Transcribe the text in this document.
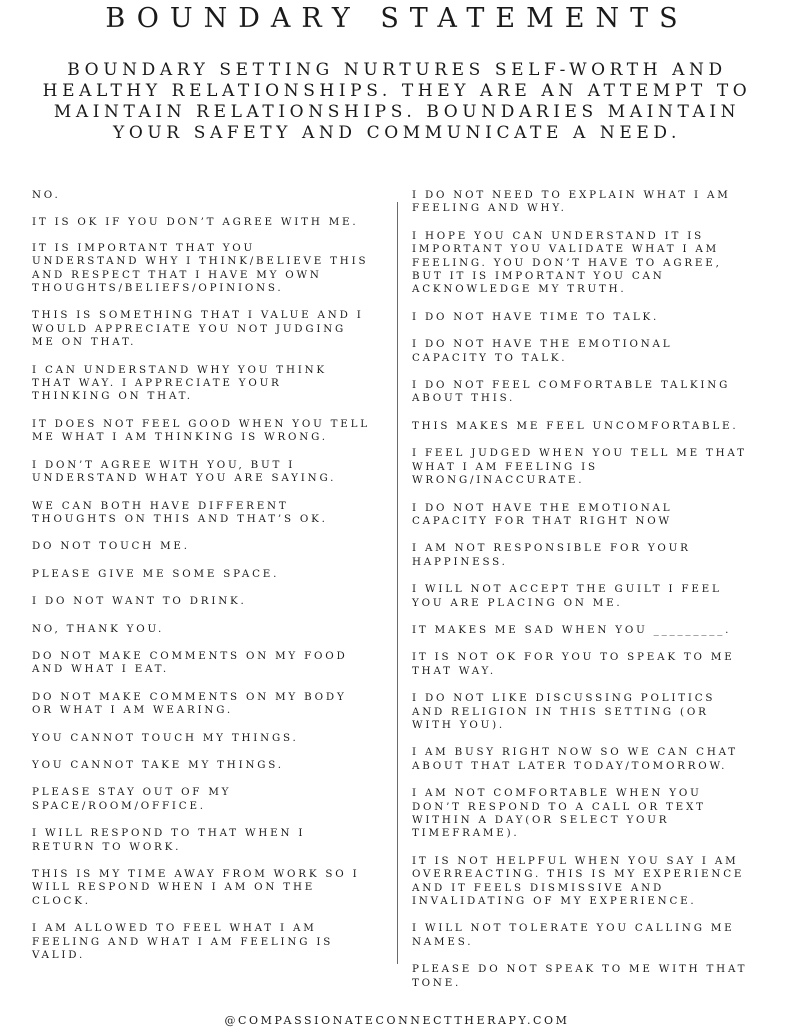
BOUNDARY STATEMENTS
BOUNDARY SETTING NURTURES SELF-WORTH AND
HEALTHY RELATIONSHIPS. THEY ARE AN ATTEMPT TO
MAINTAIN RELATIONSHIPS. BOUNDARIES MAINTAIN
YOUR SAFETY AND COMMUNICATE A NEED.

NO.

IT IS OK IF YOU DON’T AGREE WITH ME.

IT IS IMPORTANT THAT YOU
UNDERSTAND WHY I THINK/BELIEVE THIS
AND RESPECT THAT I HAVE MY OWN
THOUGHTS/BELIEFS/OPINIONS.

THIS IS SOMETHING THAT I VALUE AND I
WOULD APPRECIATE YOU NOT JUDGING
ME ON THAT.

I CAN UNDERSTAND WHY YOU THINK
THAT WAY. I APPRECIATE YOUR
THINKING ON THAT.

IT DOES NOT FEEL GOOD WHEN YOU TELL
ME WHAT I AM THINKING IS WRONG.

I DON’T AGREE WITH YOU, BUT I
UNDERSTAND WHAT YOU ARE SAYING.

WE CAN BOTH HAVE DIFFERENT
THOUGHTS ON THIS AND THAT’S OK.

DO NOT TOUCH ME.

PLEASE GIVE ME SOME SPACE.

I DO NOT WANT TO DRINK.

NO, THANK YOU.

DO NOT MAKE COMMENTS ON MY FOOD
AND WHAT I EAT.

DO NOT MAKE COMMENTS ON MY BODY
OR WHAT I AM WEARING.

YOU CANNOT TOUCH MY THINGS.

YOU CANNOT TAKE MY THINGS.

PLEASE STAY OUT OF MY
SPACE/ROOM/OFFICE.

I WILL RESPOND TO THAT WHEN I
RETURN TO WORK.

THIS IS MY TIME AWAY FROM WORK SO I
WILL RESPOND WHEN I AM ON THE
CLOCK.

I AM ALLOWED TO FEEL WHAT I AM
FEELING AND WHAT I AM FEELING IS
VALID.

I DO NOT NEED TO EXPLAIN WHAT I AM
FEELING AND WHY.

I HOPE YOU CAN UNDERSTAND IT IS
IMPORTANT YOU VALIDATE WHAT I AM
FEELING. YOU DON’T HAVE TO AGREE,
BUT IT IS IMPORTANT YOU CAN
ACKNOWLEDGE MY TRUTH.

I DO NOT HAVE TIME TO TALK.

I DO NOT HAVE THE EMOTIONAL
CAPACITY TO TALK.

I DO NOT FEEL COMFORTABLE TALKING
ABOUT THIS.

THIS MAKES ME FEEL UNCOMFORTABLE.

I FEEL JUDGED WHEN YOU TELL ME THAT
WHAT I AM FEELING IS
WRONG/INACCURATE.

I DO NOT HAVE THE EMOTIONAL
CAPACITY FOR THAT RIGHT NOW

I AM NOT RESPONSIBLE FOR YOUR
HAPPINESS.

I WILL NOT ACCEPT THE GUILT I FEEL
YOU ARE PLACING ON ME.

IT MAKES ME SAD WHEN YOU _________.

IT IS NOT OK FOR YOU TO SPEAK TO ME
THAT WAY.

I DO NOT LIKE DISCUSSING POLITICS
AND RELIGION IN THIS SETTING (OR
WITH YOU).

I AM BUSY RIGHT NOW SO WE CAN CHAT
ABOUT THAT LATER TODAY/TOMORROW.

I AM NOT COMFORTABLE WHEN YOU
DON’T RESPOND TO A CALL OR TEXT
WITHIN A DAY(OR SELECT YOUR
TIMEFRAME).

IT IS NOT HELPFUL WHEN YOU SAY I AM
OVERREACTING. THIS IS MY EXPERIENCE
AND IT FEELS DISMISSIVE AND
INVALIDATING OF MY EXPERIENCE.

I WILL NOT TOLERATE YOU CALLING ME
NAMES.

PLEASE DO NOT SPEAK TO ME WITH THAT
TONE.

@COMPASSIONATECONNECTTHERAPY.COM
